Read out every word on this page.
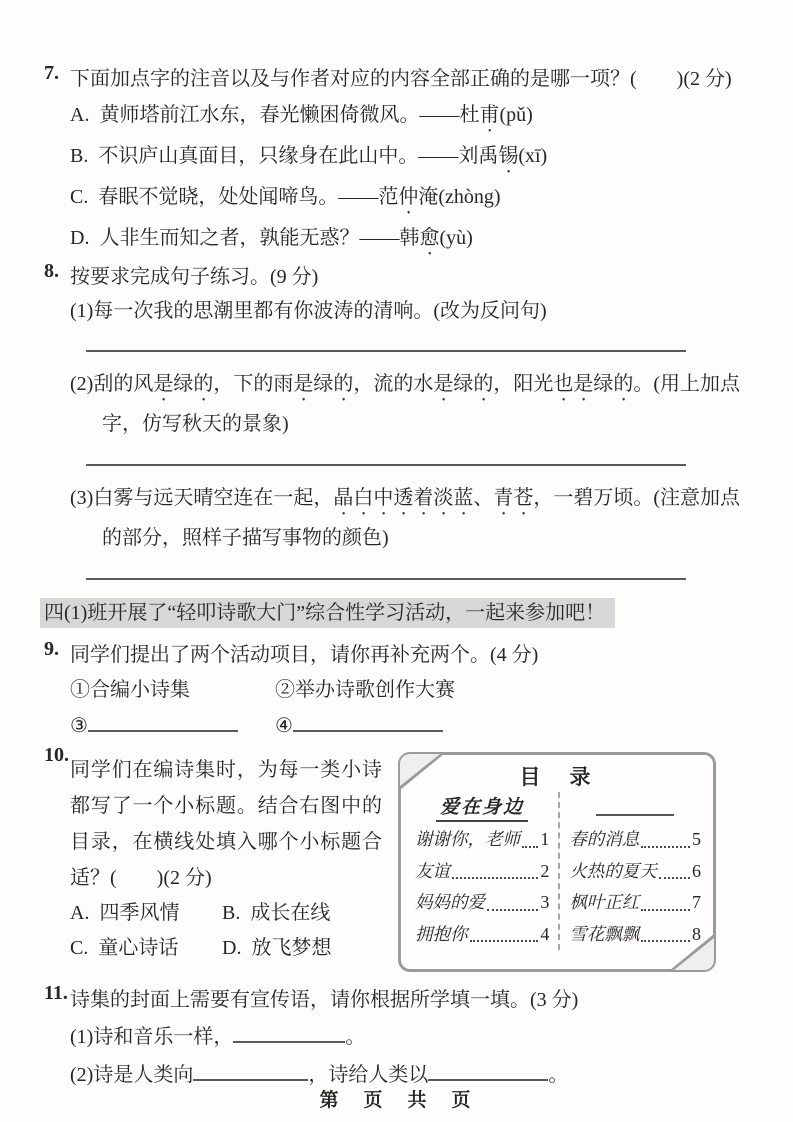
7. 下面加点字的注音以及与作者对应的内容全部正确的是哪一项？(　　)(2 分)
A. 黄师塔前江水东，春光懒困倚微风。——杜甫(pǔ)
B. 不识庐山真面目，只缘身在此山中。——刘禹锡(xī)
C. 春眠不觉晓，处处闻啼鸟。——范仲淹(zhòng)
D. 人非生而知之者，孰能无惑？——韩愈(yù)
8. 按要求完成句子练习。(9 分)
(1)每一次我的思潮里都有你波涛的清响。(改为反问句)
(2)刮的风是绿的，下的雨是绿的，流的水是绿的，阳光也是绿的。(用上加点字，仿写秋天的景象)
(3)白雾与远天晴空连在一起，晶白中透着淡蓝、青苍，一碧万顷。(注意加点的部分，照样子描写事物的颜色)
四(1)班开展了“轻叩诗歌大门”综合性学习活动，一起来参加吧！
9. 同学们提出了两个活动项目，请你再补充两个。(4 分)
①合编小诗集	②举办诗歌创作大赛
③	④
10.
同学们在编诗集时，为每一类小诗都写了一个小标题。结合右图中的目录，在横线处填入哪个小标题合适？(　　)(2 分)
A. 四季风情	B. 成长在线
C. 童心诗话	D. 放飞梦想
目　录
爱在身边
谢谢你，老师 1
友谊	2
妈妈的爱	3
拥抱你	4
春的消息	5
火热的夏天 6
枫叶正红	7
雪花飘飘	8
11. 诗集的封面上需要有宣传语，请你根据所学填一填。(3 分)
(1)诗和音乐一样，	。
(2)诗是人类向	，诗给人类以	。
第　页　共　页
